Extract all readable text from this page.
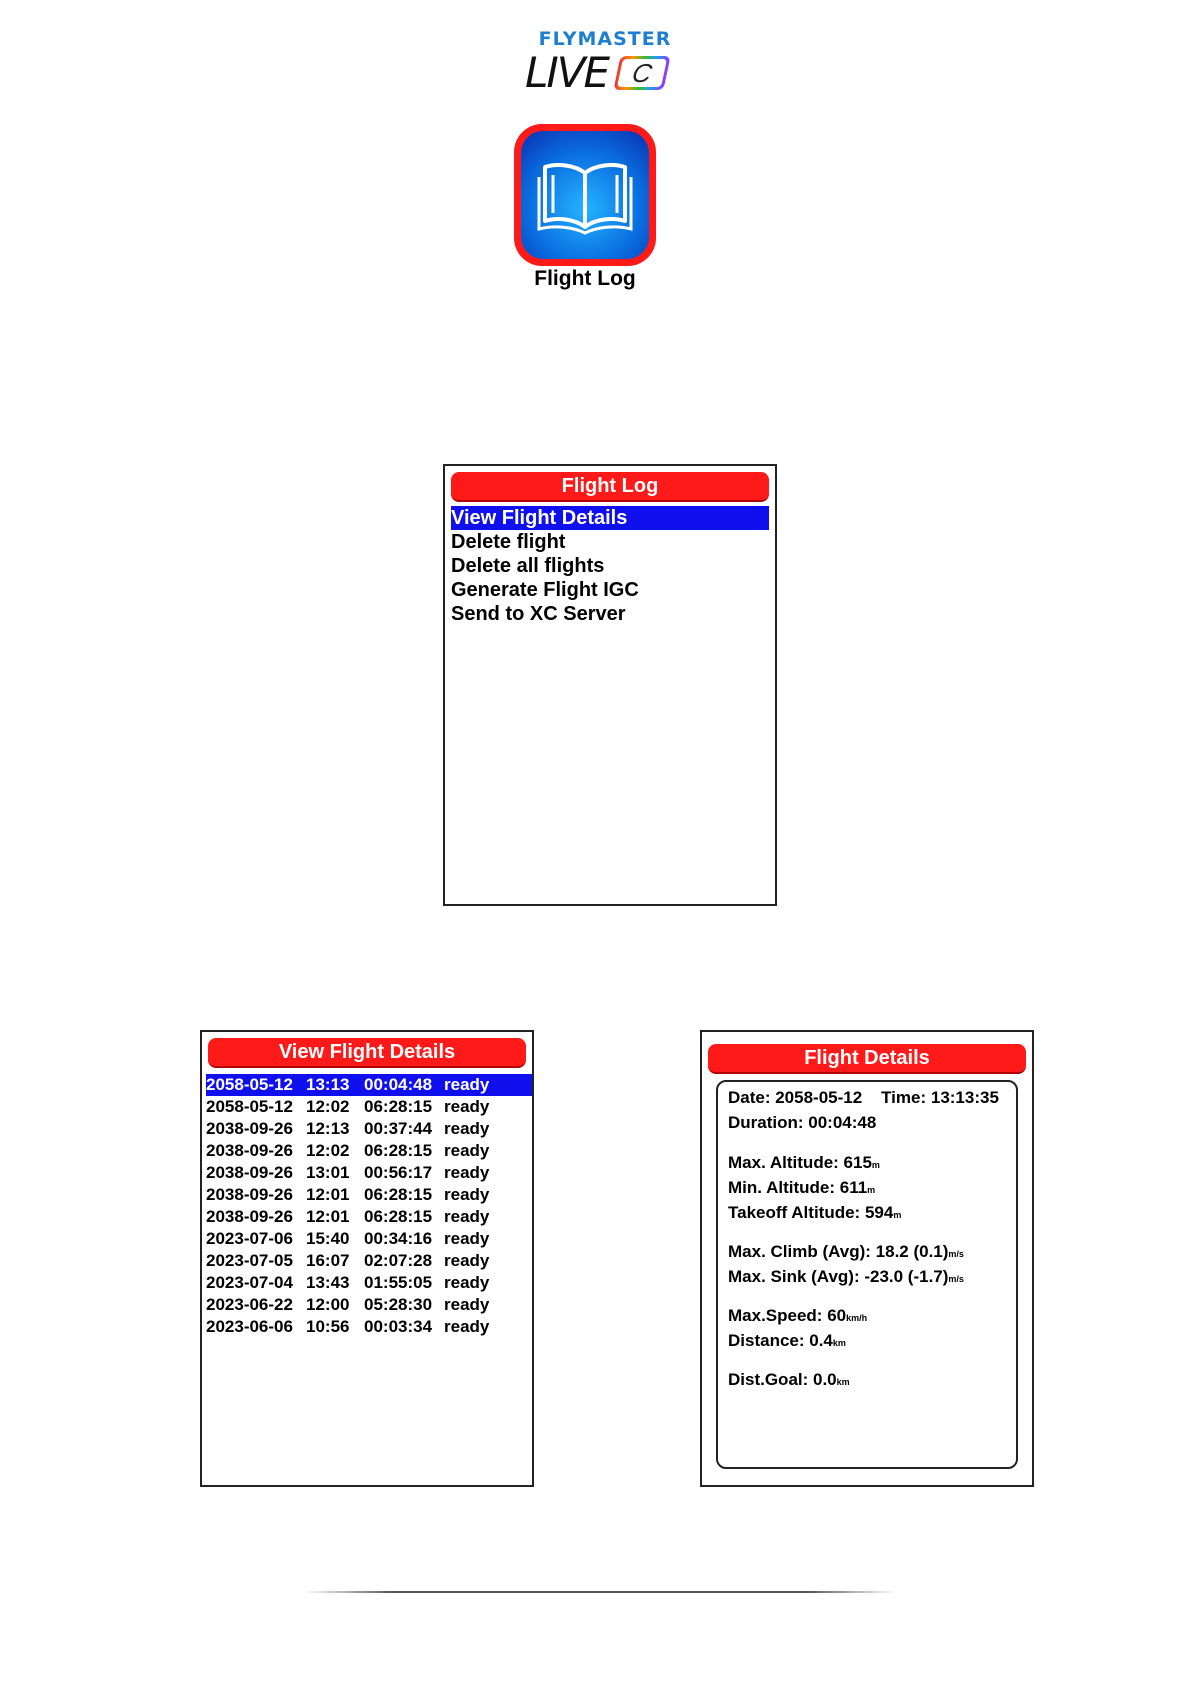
FLYMASTER
LIVE C
Flight Log
Flight Log
View Flight Details
Delete flight
Delete all flights
Generate Flight IGC
Send to XC Server
View Flight Details
2058-05-12 13:13 00:04:48 ready
2058-05-12 12:02 06:28:15 ready
2038-09-26 12:13 00:37:44 ready
2038-09-26 12:02 06:28:15 ready
2038-09-26 13:01 00:56:17 ready
2038-09-26 12:01 06:28:15 ready
2038-09-26 12:01 06:28:15 ready
2023-07-06 15:40 00:34:16 ready
2023-07-05 16:07 02:07:28 ready
2023-07-04 13:43 01:55:05 ready
2023-06-22 12:00 05:28:30 ready
2023-06-06 10:56 00:03:34 ready
Flight Details
Date: 2058-05-12 Time: 13:13:35
Duration: 00:04:48
Max. Altitude: 615m
Min. Altitude: 611m
Takeoff Altitude: 594m
Max. Climb (Avg): 18.2 (0.1)m/s
Max. Sink (Avg): -23.0 (-1.7)m/s
Max.Speed: 60km/h
Distance: 0.4km
Dist.Goal: 0.0km
